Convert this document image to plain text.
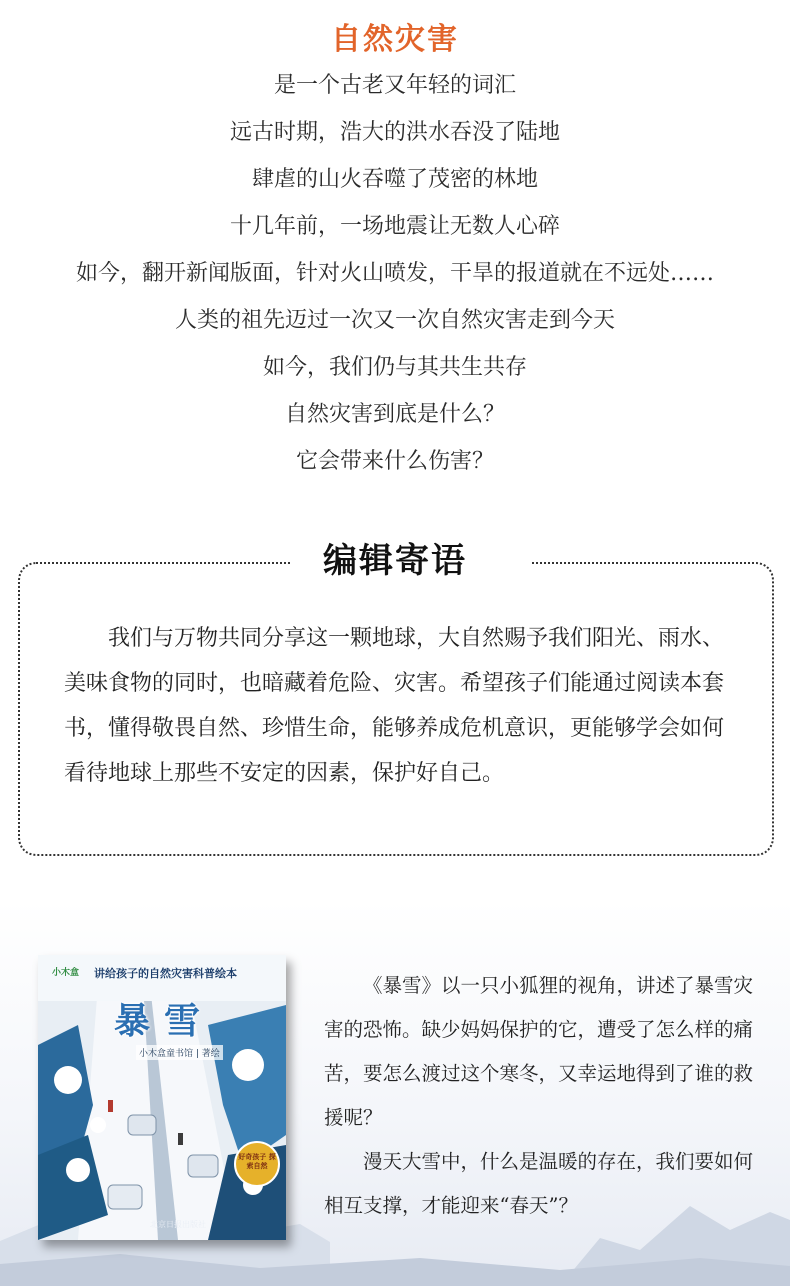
自然灾害
是一个古老又年轻的词汇
远古时期，浩大的洪水吞没了陆地
肆虐的山火吞噬了茂密的林地
十几年前，一场地震让无数人心碎
如今，翻开新闻版面，针对火山喷发，干旱的报道就在不远处……
人类的祖先迈过一次又一次自然灾害走到今天
如今，我们仍与其共生共存
自然灾害到底是什么？
它会带来什么伤害？
编辑寄语

我们与万物共同分享这一颗地球，大自然赐予我们阳光、雨水、美味食物的同时，也暗藏着危险、灾害。希望孩子们能通过阅读本套书，懂得敬畏自然、珍惜生命，能够养成危机意识，更能够学会如何看待地球上那些不安定的因素，保护好自己。

小木盒	讲给孩子的自然灾害科普绘本
暴雪
小木盒童书馆 | 著绘
好奇孩子 探索自然
北京日报出版社

《暴雪》以一只小狐狸的视角，讲述了暴雪灾害的恐怖。缺少妈妈保护的它，遭受了怎么样的痛苦，要怎么渡过这个寒冬，又幸运地得到了谁的救援呢？

漫天大雪中，什么是温暖的存在，我们要如何相互支撑，才能迎来“春天”？
